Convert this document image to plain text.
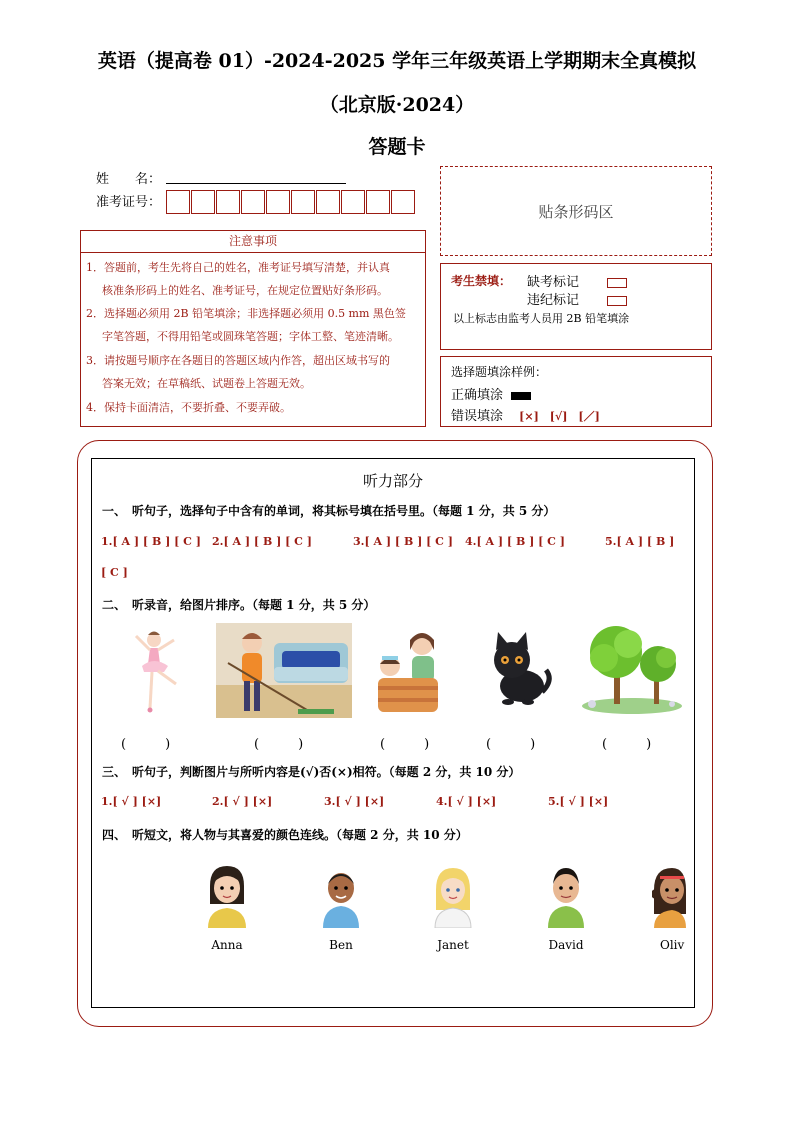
英语（提高卷 01）-2024-2025 学年三年级英语上学期期末全真模拟
（北京版·2024）
答题卡
姓　　名：
准考证号：
贴条形码区
注意事项
1．答题前，考生先将自己的姓名，准考证号填写清楚，并认真
核准条形码上的姓名、准考证号，在规定位置贴好条形码。
2．选择题必须用 2B 铅笔填涂；非选择题必须用 0.5 mm 黑色签
字笔答题，不得用铅笔或圆珠笔答题；字体工整、笔迹清晰。
3．请按题号顺序在各题目的答题区域内作答，超出区域书写的
答案无效；在草稿纸、试题卷上答题无效。
4．保持卡面清洁，不要折叠、不要弄破。
考生禁填： 缺考标记
违纪标记
以上标志由监考人员用 2B 铅笔填涂
选择题填涂样例：
正确填涂
错误填涂 [×]　[√]　[／]
听力部分
一、　听句子，选择句子中含有的单词，将其标号填在括号里。（每题 1 分，共 5 分）
1.[ A ] [ B ] [ C ] 2.[ A ] [ B ] [ C ]	3.[ A ] [ B ] [ C ] 4.[ A ] [ B ] [ C ]	5.[ A ] [ B ]
[ C ]
二、　听录音，给图片排序。（每题 1 分，共 5 分）
(　　　)	(　　　)	(　　　)	(　　　)	(　　　)
三、　听句子，判断图片与所听内容是(√)否(×)相符。（每题 2 分，共 10 分）
1.[ √ ] [×]	2.[ √ ] [×]	3.[ √ ] [×]	4.[ √ ] [×]	5.[ √ ] [×]
四、　听短文，将人物与其喜爱的颜色连线。（每题 2 分，共 10 分）
Anna	Ben	Janet	David	Oliv
